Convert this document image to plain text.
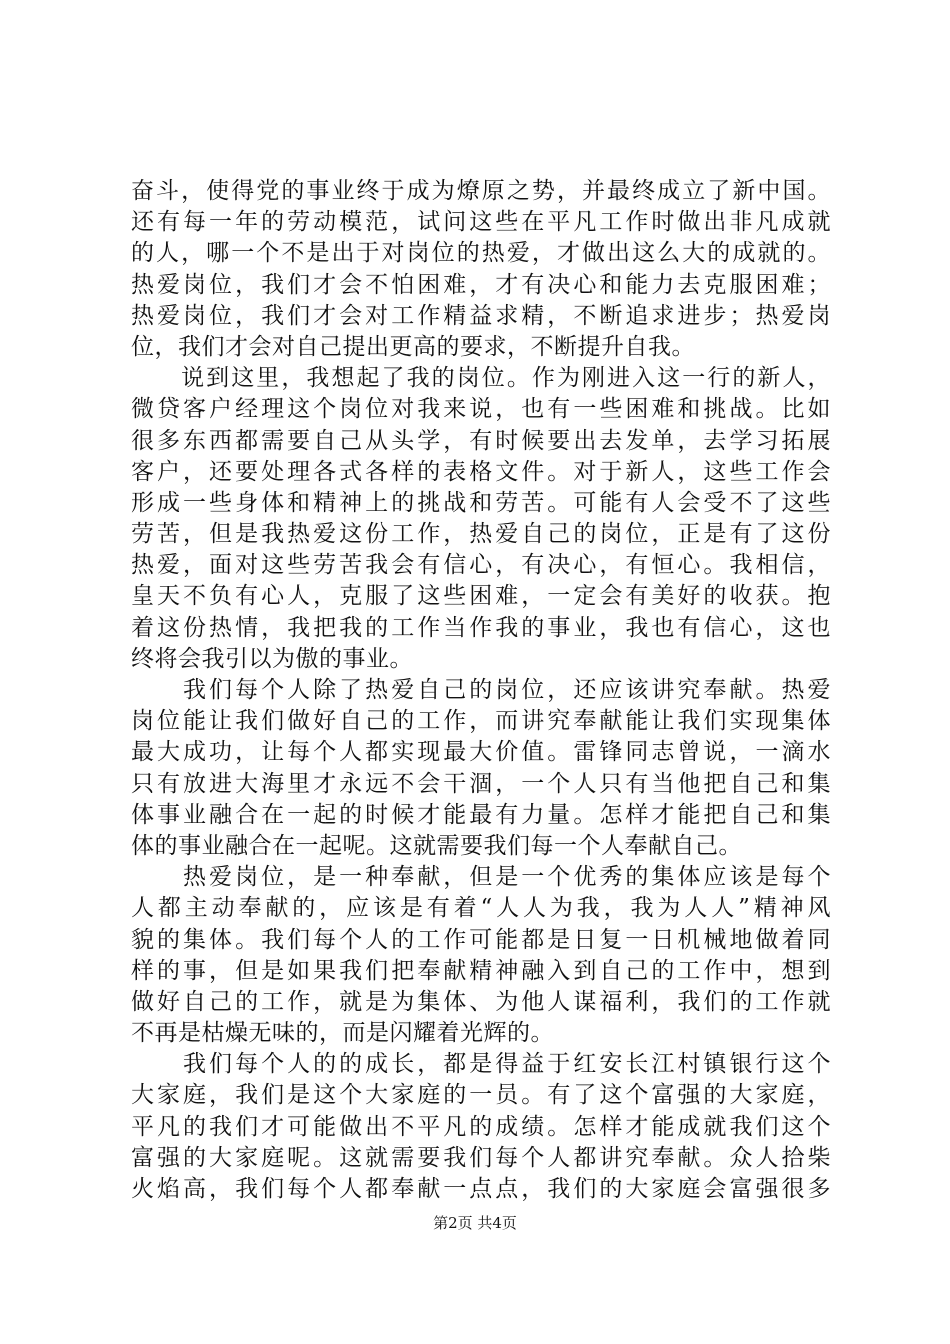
奋斗，使得党的事业终于成为燎原之势，并最终成立了新中国。
还有每一年的劳动模范，试问这些在平凡工作时做出非凡成就
的人，哪一个不是出于对岗位的热爱，才做出这么大的成就的。
热爱岗位，我们才会不怕困难，才有决心和能力去克服困难；
热爱岗位，我们才会对工作精益求精，不断追求进步；热爱岗
位，我们才会对自己提出更高的要求，不断提升自我。
　　说到这里，我想起了我的岗位。作为刚进入这一行的新人，
微贷客户经理这个岗位对我来说，也有一些困难和挑战。比如
很多东西都需要自己从头学，有时候要出去发单，去学习拓展
客户，还要处理各式各样的表格文件。对于新人，这些工作会
形成一些身体和精神上的挑战和劳苦。可能有人会受不了这些
劳苦，但是我热爱这份工作，热爱自己的岗位，正是有了这份
热爱，面对这些劳苦我会有信心，有决心，有恒心。我相信，
皇天不负有心人，克服了这些困难，一定会有美好的收获。抱
着这份热情，我把我的工作当作我的事业，我也有信心，这也
终将会我引以为傲的事业。
　　我们每个人除了热爱自己的岗位，还应该讲究奉献。热爱
岗位能让我们做好自己的工作，而讲究奉献能让我们实现集体
最大成功，让每个人都实现最大价值。雷锋同志曾说，一滴水
只有放进大海里才永远不会干涸，一个人只有当他把自己和集
体事业融合在一起的时候才能最有力量。怎样才能把自己和集
体的事业融合在一起呢。这就需要我们每一个人奉献自己。
　　热爱岗位，是一种奉献，但是一个优秀的集体应该是每个
人都主动奉献的，应该是有着“人人为我，我为人人”精神风
貌的集体。我们每个人的工作可能都是日复一日机械地做着同
样的事，但是如果我们把奉献精神融入到自己的工作中，想到
做好自己的工作，就是为集体、为他人谋福利，我们的工作就
不再是枯燥无味的，而是闪耀着光辉的。
　　我们每个人的的成长，都是得益于红安长江村镇银行这个
大家庭，我们是这个大家庭的一员。有了这个富强的大家庭，
平凡的我们才可能做出不平凡的成绩。怎样才能成就我们这个
富强的大家庭呢。这就需要我们每个人都讲究奉献。众人拾柴
火焰高，我们每个人都奉献一点点，我们的大家庭会富强很多
第2页 共4页
